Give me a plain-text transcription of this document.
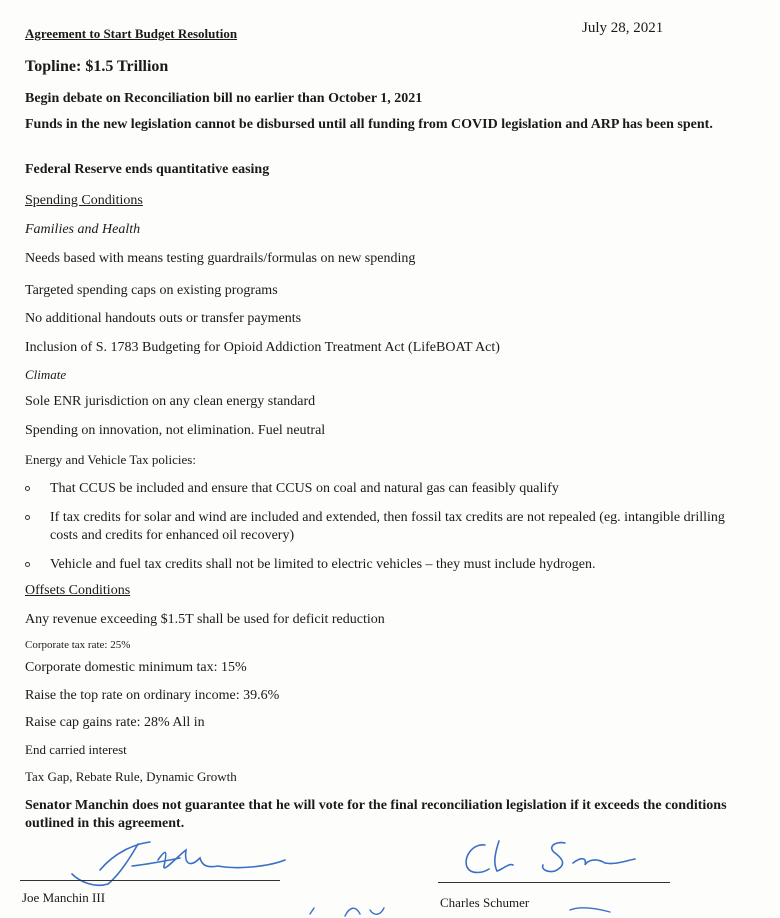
Agreement to Start Budget Resolution	July 28, 2021
Topline: $1.5 Trillion
Begin debate on Reconciliation bill no earlier than October 1, 2021
Funds in the new legislation cannot be disbursed until all funding from COVID legislation and ARP has been spent.
Federal Reserve ends quantitative easing
Spending Conditions
Families and Health
Needs based with means testing guardrails/formulas on new spending
Targeted spending caps on existing programs
No additional handouts outs or transfer payments
Inclusion of S. 1783 Budgeting for Opioid Addiction Treatment Act (LifeBOAT Act)
Climate
Sole ENR jurisdiction on any clean energy standard
Spending on innovation, not elimination. Fuel neutral
Energy and Vehicle Tax policies:
That CCUS be included and ensure that CCUS on coal and natural gas can feasibly qualify
If tax credits for solar and wind are included and extended, then fossil tax credits are not repealed (eg. intangible drilling costs and credits for enhanced oil recovery)
Vehicle and fuel tax credits shall not be limited to electric vehicles – they must include hydrogen.
Offsets Conditions
Any revenue exceeding $1.5T shall be used for deficit reduction
Corporate tax rate: 25%
Corporate domestic minimum tax: 15%
Raise the top rate on ordinary income: 39.6%
Raise cap gains rate: 28% All in
End carried interest
Tax Gap, Rebate Rule, Dynamic Growth
Senator Manchin does not guarantee that he will vote for the final reconciliation legislation if it exceeds the conditions outlined in this agreement.
Joe Manchin III	Charles Schumer
